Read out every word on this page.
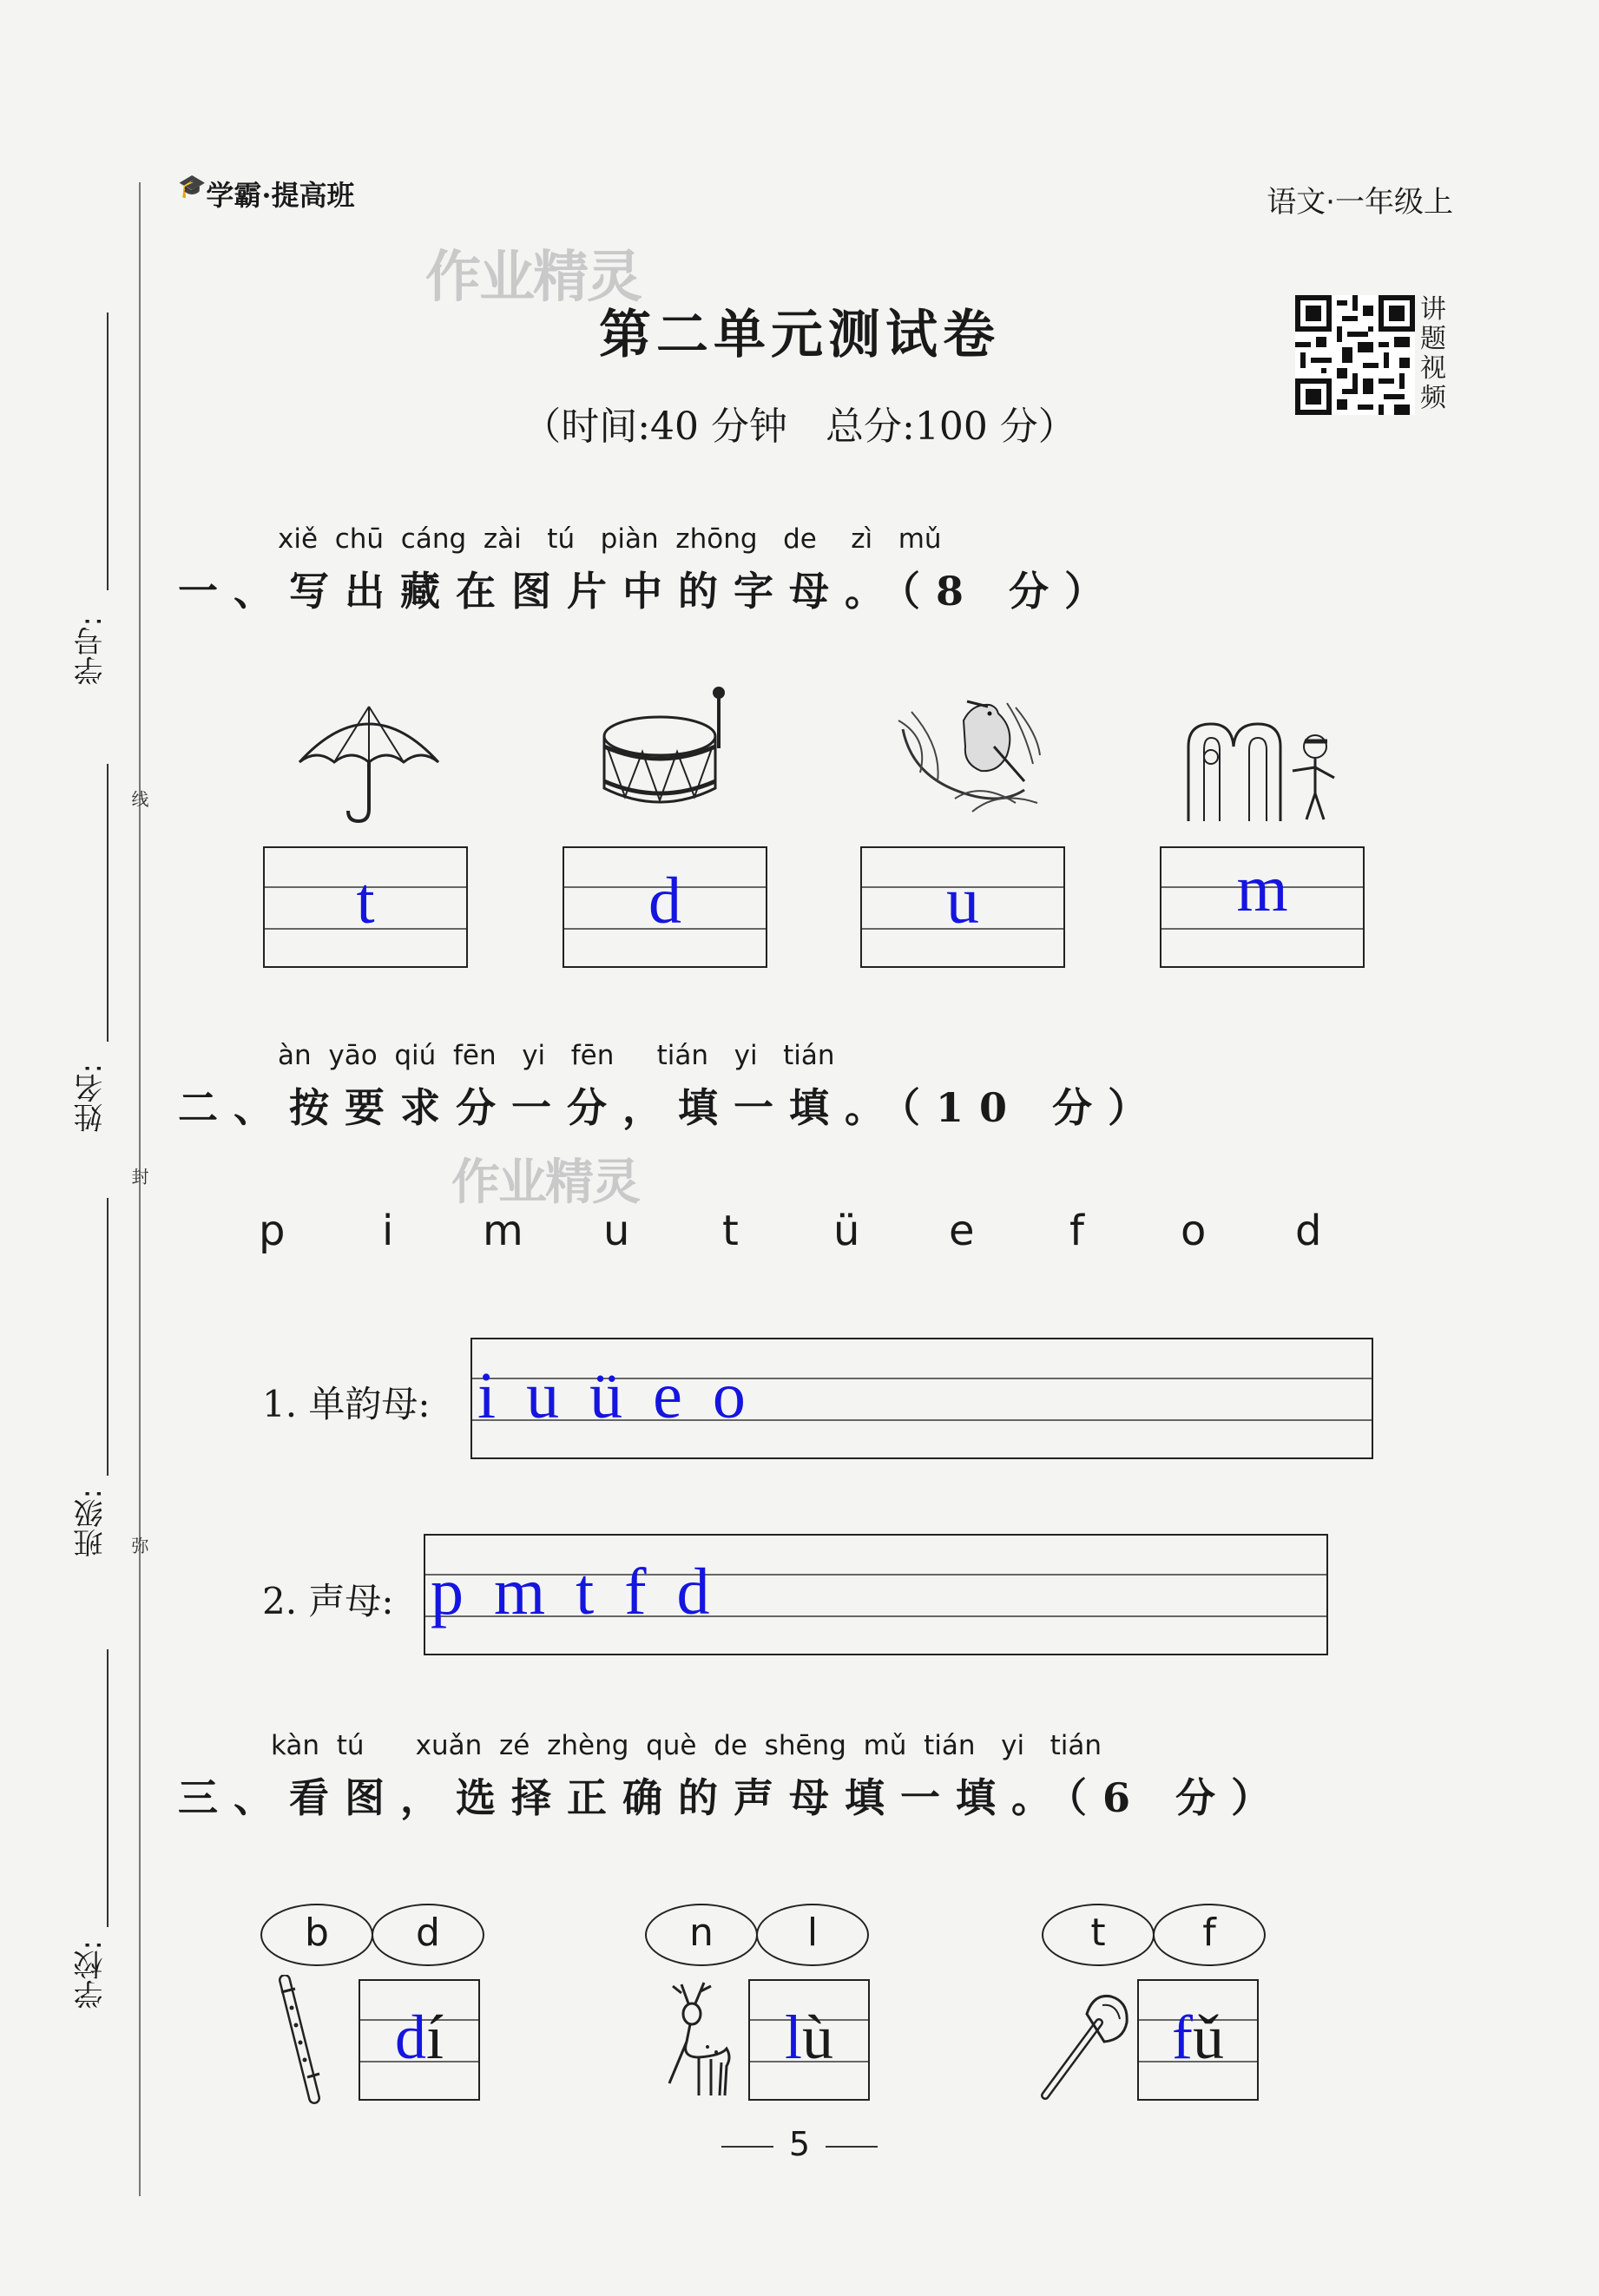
学号:
姓名:
班级:
学校:
线
封
弥
🎓学霸·提高班	语文·一年级上
作业精灵
第二单元测试卷
（时间:40 分钟　总分:100 分）
讲
题
视
频
xiě  chū  cáng  zài   tú   piàn  zhōng   de    zì   mǔ
一、写出藏在图片中的字母。（8 分）
t	d	u	m
àn  yāo  qiú  fēn   yi   fēn     tián   yi   tián
二、按要求分一分，填一填。（10 分）
作业精灵
p i m u t ü e f o d
1. 单韵母: i u ü e o
2. 声母: p m t f d
kàn  tú      xuǎn  zé  zhèng  què  de  shēng  mǔ  tián   yi   tián
三、看图，选择正确的声母填一填。（6 分）
b	d
dí
n	l
lù
t	f
fǔ
5
